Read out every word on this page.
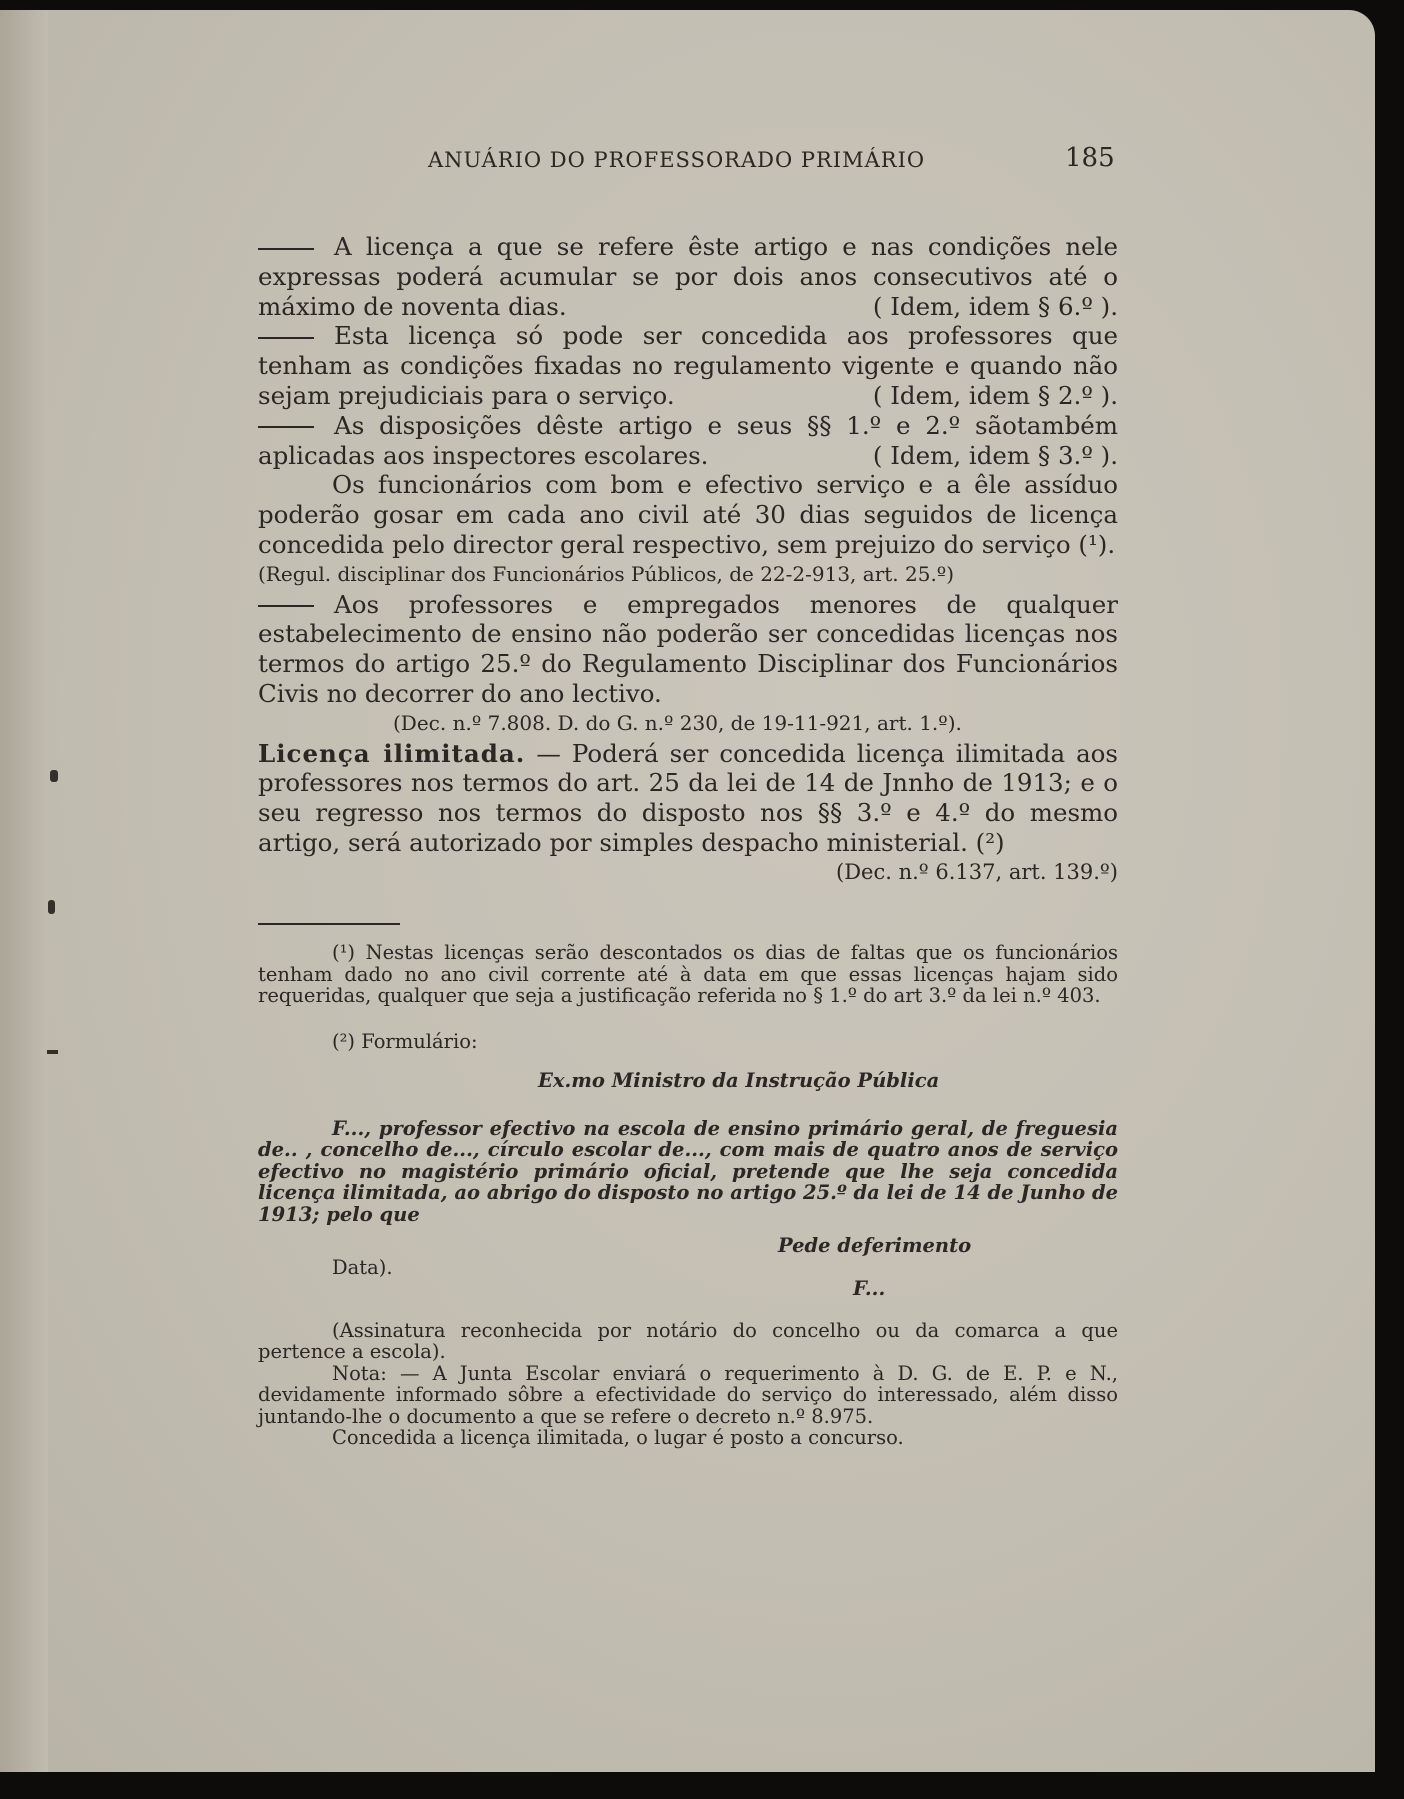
ANUÁRIO DO PROFESSORADO PRIMÁRIO	185

A licença a que se refere êste artigo e nas condições nele expressas poderá acumular se por dois anos consecutivos até o máximo de noventa dias.	( Idem, idem § 6.º ).

Esta licença só pode ser concedida aos professores que tenham as condições fixadas no regulamento vigente e quando não sejam prejudiciais para o serviço.	( Idem, idem § 2.º ).

As disposições dêste artigo e seus §§ 1.º e 2.º sãotambém aplicadas aos inspectores escolares.	( Idem, idem § 3.º ).

Os funcionários com bom e efectivo serviço e a êle assíduo poderão gosar em cada ano civil até 30 dias seguidos de licença concedida pelo director geral respectivo, sem prejuizo do serviço (¹).

(Regul. disciplinar dos Funcionários Públicos, de 22-2-913, art. 25.º)

Aos professores e empregados menores de qualquer estabelecimento de ensino não poderão ser concedidas licenças nos termos do artigo 25.º do Regulamento Disciplinar dos Funcionários Civis no decorrer do ano lectivo.

(Dec. n.º 7.808. D. do G. n.º 230, de 19-11-921, art. 1.º).

Licença ilimitada. — Poderá ser concedida licença ilimitada aos professores nos termos do art. 25 da lei de 14 de Jnnho de 1913; e o seu regresso nos termos do disposto nos §§ 3.º e 4.º do mesmo artigo, será autorizado por simples despacho ministerial. (²)
(Dec. n.º 6.137, art. 139.º)

(¹) Nestas licenças serão descontados os dias de faltas que os funcionários tenham dado no ano civil corrente até à data em que essas licenças hajam sido requeridas, qualquer que seja a justificação referida no § 1.º do art 3.º da lei n.º 403.

(²) Formulário:

Ex.mo Ministro da Instrução Pública

F..., professor efectivo na escola de ensino primário geral, de freguesia de.. , concelho de..., círculo escolar de..., com mais de quatro anos de serviço efectivo no magistério primário oficial, pretende que lhe seja concedida licença ilimitada, ao abrigo do disposto no artigo 25.º da lei de 14 de Junho de 1913; pelo que

Pede deferimento

Data).

F...

(Assinatura reconhecida por notário do concelho ou da comarca a que pertence a escola).

Nota: — A Junta Escolar enviará o requerimento à D. G. de E. P. e N., devidamente informado sôbre a efectividade do serviço do interessado, além disso juntando-lhe o documento a que se refere o decreto n.º 8.975.

Concedida a licença ilimitada, o lugar é posto a concurso.
